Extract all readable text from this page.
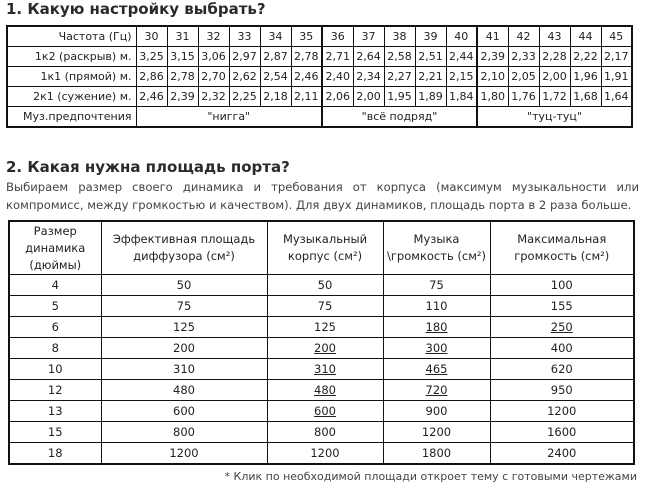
1. Какую настройку выбрать?
Частота (Гц)	30	31	32	33	34	35	36	37	38	39	40	41	42	43	44	45
1к2 (раскрыв) м.	3,25	3,15	3,06	2,97	2,87	2,78	2,71	2,64	2,58	2,51	2,44	2,39	2,33	2,28	2,22	2,17
1к1 (прямой) м.	2,86	2,78	2,70	2,62	2,54	2,46	2,40	2,34	2,27	2,21	2,15	2,10	2,05	2,00	1,96	1,91
2к1 (сужение) м.	2,46	2,39	2,32	2,25	2,18	2,11	2,06	2,00	1,95	1,89	1,84	1,80	1,76	1,72	1,68	1,64
Муз.предпочтения	"нигга"						"всё подряд"					"туц-туц"				
2. Какая нужна площадь порта?
Выбираем размер своего динамика и требования от корпуса (максимум музыкальности или
компромисс, между громкостью и качеством). Для двух динамиков, площадь порта в 2 раза больше.
Размер динамика (дюймы)	Эффективная площадь диффузора (см²)	Музыкальный корпус (см²)	Музыка \громкость (см²)	Максимальная громкость (см²)
4	50	50	75	100
5	75	75	110	155
6	125	125	180	250
8	200	200	300	400
10	310	310	465	620
12	480	480	720	950
13	600	600	900	1200
15	800	800	1200	1600
18	1200	1200	1800	2400
* Клик по необходимой площади откроет тему с готовыми чертежами
